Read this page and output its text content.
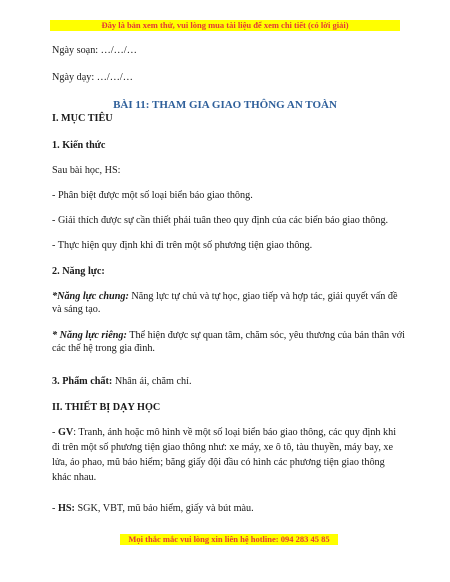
Đây là bản xem thử, vui lòng mua tài liệu để xem chi tiết (có lời giải)
Ngày soạn: …/…/…
Ngày dạy: …/…/…
BÀI 11: THAM GIA GIAO THÔNG AN TOÀN
I. MỤC TIÊU
1. Kiến thức
Sau bài học, HS:
- Phân biệt được một số loại biển báo giao thông.
- Giải thích được sự cần thiết phải tuân theo quy định của các biển báo giao thông.
- Thực hiện quy định khi đi trên một số phương tiện giao thông.
2. Năng lực:
*Năng lực chung: Năng lực tự chủ và tự học, giao tiếp và hợp tác, giải quyết vấn đề và sáng tạo.
* Năng lực riêng: Thể hiện được sự quan tâm, chăm sóc, yêu thương của bản thân với các thế hệ trong gia đình.
3. Phẩm chất: Nhân ái, chăm chỉ.
II. THIẾT BỊ DẠY HỌC
- GV: Tranh, ảnh hoặc mô hình về một số loại biển báo giao thông, các quy định khi đi trên một số phương tiện giao thông như: xe máy, xe ô tô, tàu thuyền, máy bay, xe lửa, áo phao, mũ bảo hiểm; băng giấy đội đầu có hình các phương tiện giao thông khác nhau.
- HS: SGK, VBT, mũ bảo hiểm, giấy và bút màu.
Mọi thắc mắc vui lòng xin liên hệ hotline: 094 283 45 85
